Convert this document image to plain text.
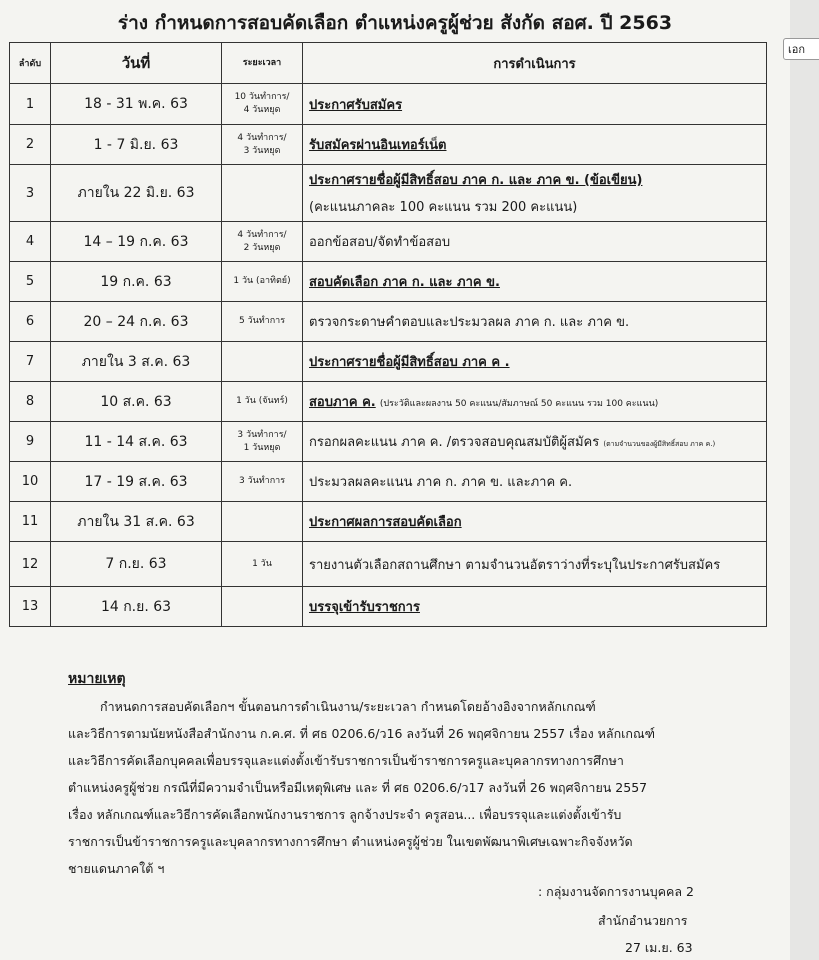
เอก
ร่าง กำหนดการสอบคัดเลือก ตำแหน่งครูผู้ช่วย สังกัด สอศ. ปี 2563
ลำดับ	วันที่	ระยะเวลา	การดำเนินการ
1	18 - 31 พ.ค. 63	10 วันทำการ/
4 วันหยุด	ประกาศรับสมัคร

2	1 - 7 มิ.ย. 63	4 วันทำการ/
3 วันหยุด	รับสมัครผ่านอินเทอร์เน็ต

3	ภายใน 22 มิ.ย. 63		ประกาศรายชื่อผู้มีสิทธิ์สอบ ภาค ก. และ ภาค ข. (ข้อเขียน)
(คะแนนภาคละ 100 คะแนน รวม 200 คะแนน)

4	14 – 19 ก.ค. 63	4 วันทำการ/
2 วันหยุด	ออกข้อสอบ/จัดทำข้อสอบ

5	19 ก.ค. 63	1 วัน (อาทิตย์)	สอบคัดเลือก ภาค ก. และ ภาค ข.

6	20 – 24 ก.ค. 63	5 วันทำการ	ตรวจกระดาษคำตอบและประมวลผล ภาค ก. และ ภาค ข.

7	ภายใน 3 ส.ค. 63		ประกาศรายชื่อผู้มีสิทธิ์สอบ ภาค ค .

8	10 ส.ค. 63	1 วัน (จันทร์)	สอบภาค ค. (ประวัติและผลงาน 50 คะแนน/สัมภาษณ์ 50 คะแนน รวม 100 คะแนน)

9	11 - 14 ส.ค. 63	3 วันทำการ/
1 วันหยุด	กรอกผลคะแนน ภาค ค. /ตรวจสอบคุณสมบัติผู้สมัคร (ตามจำนวนของผู้มีสิทธิ์สอบ ภาค ค.)

10	17 - 19 ส.ค. 63	3 วันทำการ	ประมวลผลคะแนน ภาค ก. ภาค ข. และภาค ค.

11	ภายใน 31 ส.ค. 63		ประกาศผลการสอบคัดเลือก

12	7 ก.ย. 63	1 วัน	รายงานตัวเลือกสถานศึกษา ตามจำนวนอัตราว่างที่ระบุในประกาศรับสมัคร

13	14 ก.ย. 63		บรรจุเข้ารับราชการ
หมายเหตุ
กำหนดการสอบคัดเลือกฯ ขั้นตอนการดำเนินงาน/ระยะเวลา กำหนดโดยอ้างอิงจากหลักเกณฑ์
และวิธีการตามนัยหนังสือสำนักงาน ก.ค.ศ. ที่ ศธ 0206.6/ว16 ลงวันที่ 26 พฤศจิกายน 2557 เรื่อง หลักเกณฑ์
และวิธีการคัดเลือกบุคคลเพื่อบรรจุและแต่งตั้งเข้ารับราชการเป็นข้าราชการครูและบุคลากรทางการศึกษา
ตำแหน่งครูผู้ช่วย กรณีที่มีความจำเป็นหรือมีเหตุพิเศษ และ ที่ ศธ 0206.6/ว17 ลงวันที่ 26 พฤศจิกายน 2557
เรื่อง หลักเกณฑ์และวิธีการคัดเลือกพนักงานราชการ ลูกจ้างประจำ ครูสอน... เพื่อบรรจุและแต่งตั้งเข้ารับ
ราชการเป็นข้าราชการครูและบุคลากรทางการศึกษา ตำแหน่งครูผู้ช่วย ในเขตพัฒนาพิเศษเฉพาะกิจจังหวัด
ชายแดนภาคใต้ ฯ
: กลุ่มงานจัดการงานบุคคล 2
สำนักอำนวยการ
27 เม.ย. 63
